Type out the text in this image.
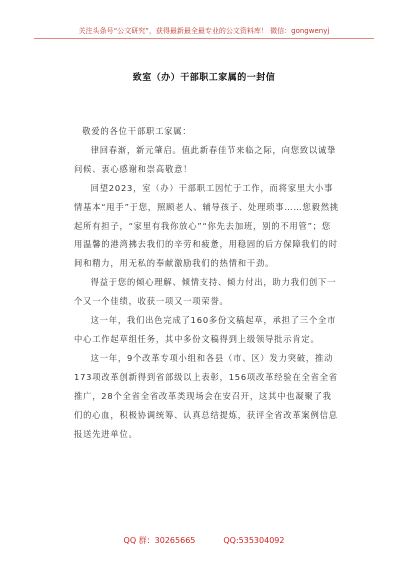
关注头条号“公文研究”，获得最新最全最专业的公文资料库！ 微信：gongwenyj
致室（办）干部职工家属的一封信

敬爱的各位干部职工家属：

律回春渐，新元肇启。值此新春佳节来临之际，向您致以诚挚问候、衷心感谢和崇高敬意！

回望2023，室（办）干部职工因忙于工作，而将家里大小事情基本“甩手”于您，照顾老人、辅导孩子、处理琐事……您毅然挑起所有担子，“家里有我你放心”“你先去加班，别的不用管”；您用温馨的港湾拂去我们的辛劳和疲惫，用稳固的后方保障我们的时间和精力，用无私的奉献激励我们的热情和干劲。

得益于您的倾心理解、倾情支持、倾力付出，助力我们创下一个又一个佳绩，收获一项又一项荣誉。

这一年，我们出色完成了160多份文稿起草，承担了三个全市中心工作起草组任务，其中多份文稿得到上级领导批示肯定。

这一年，9个改革专项小组和各县（市、区）发力突破，推动173项改革创新得到省部级以上表彰，156项改革经验在全省全省推广，28个全省全省改革类现场会在安召开，这其中也凝聚了我们的心血，积极协调统筹、认真总结提炼，获评全省改革案例信息报送先进单位。

QQ 群：30265665	QQ:535304092
